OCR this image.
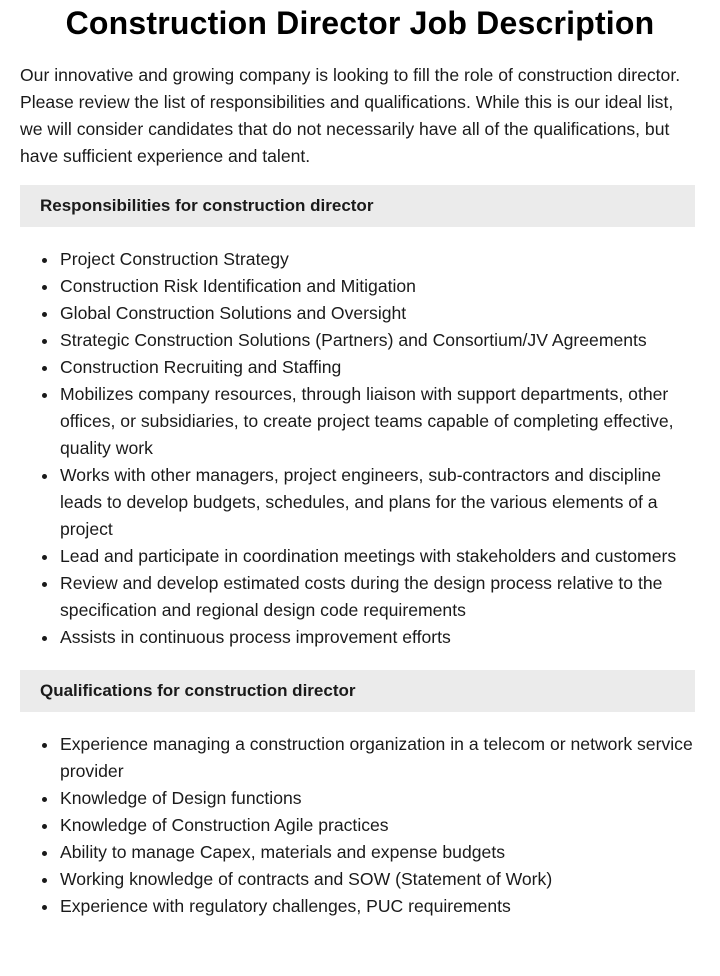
Construction Director Job Description

Our innovative and growing company is looking to fill the role of construction director. Please review the list of responsibilities and qualifications. While this is our ideal list, we will consider candidates that do not necessarily have all of the qualifications, but have sufficient experience and talent.

Responsibilities for construction director
Project Construction Strategy
Construction Risk Identification and Mitigation
Global Construction Solutions and Oversight
Strategic Construction Solutions (Partners) and Consortium/JV Agreements
Construction Recruiting and Staffing
Mobilizes company resources, through liaison with support departments, other offices, or subsidiaries, to create project teams capable of completing effective, quality work
Works with other managers, project engineers, sub-contractors and discipline leads to develop budgets, schedules, and plans for the various elements of a project
Lead and participate in coordination meetings with stakeholders and customers
Review and develop estimated costs during the design process relative to the specification and regional design code requirements
Assists in continuous process improvement efforts
Qualifications for construction director
Experience managing a construction organization in a telecom or network service provider
Knowledge of Design functions
Knowledge of Construction Agile practices
Ability to manage Capex, materials and expense budgets
Working knowledge of contracts and SOW (Statement of Work)
Experience with regulatory challenges, PUC requirements
